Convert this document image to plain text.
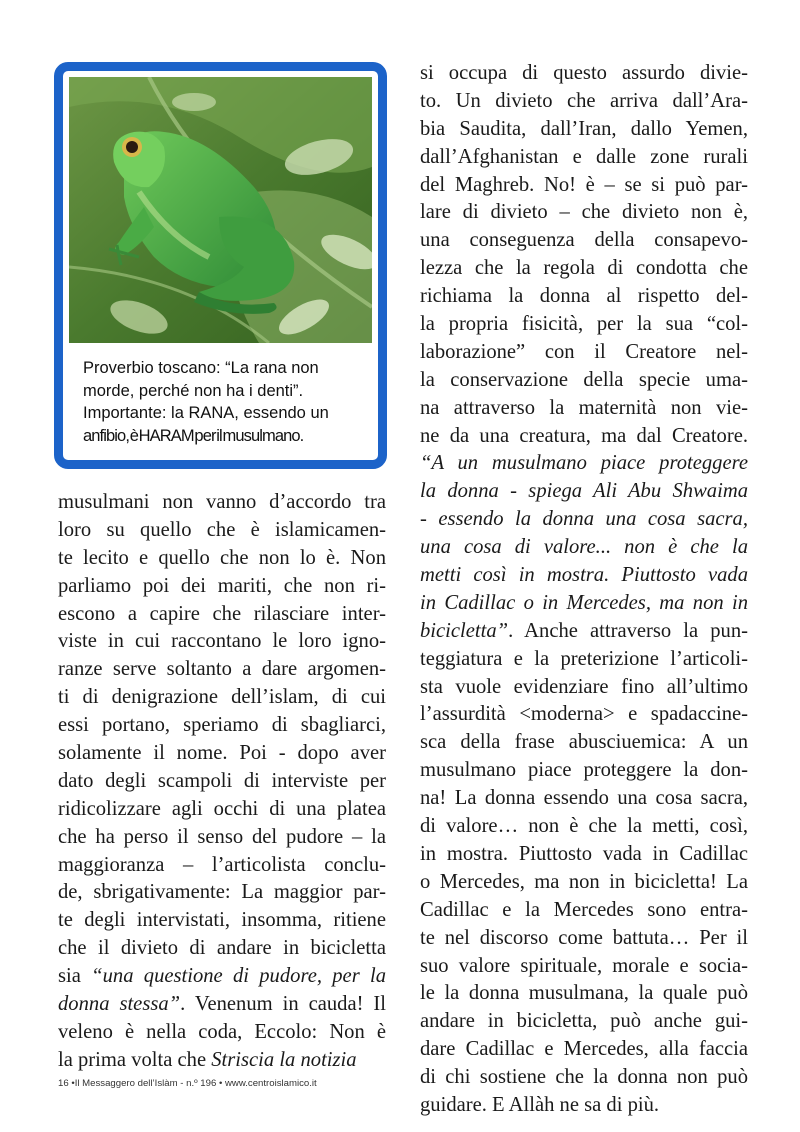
Proverbio toscano: “La rana non

morde, perché non ha i denti”.

Importante: la RANA, essendo un

anfibio, è HARAM per il musulmano.

musulmani non vanno d’accordo tra
loro su quello che è islamicamen-
te lecito e quello che non lo è. Non
parliamo poi dei mariti, che non ri-
escono a capire che rilasciare inter-
viste in cui raccontano le loro igno-
ranze serve soltanto a dare argomen-
ti di denigrazione dell’islam, di cui
essi portano, speriamo di sbagliarci,
solamente il nome. Poi - dopo aver
dato degli scampoli di interviste per
ridicolizzare agli occhi di una platea
che ha perso il senso del pudore – la
maggioranza – l’articolista conclu-
de, sbrigativamente: La maggior par-
te degli intervistati, insomma, ritiene
che il divieto di andare in bicicletta
sia “una questione di pudore, per la
donna stessa”. Venenum in cauda! Il
veleno è nella coda, Eccolo: Non è
la prima volta che Striscia la notizia
si occupa di questo assurdo divie-
to. Un divieto che arriva dall’Ara-
bia Saudita, dall’Iran, dallo Yemen,
dall’Afghanistan e dalle zone rurali
del Maghreb. No! è – se si può par-
lare di divieto – che divieto non è,
una conseguenza della consapevo-
lezza che la regola di condotta che
richiama la donna al rispetto del-
la propria fisicità, per la sua “col-
laborazione” con il Creatore nel-
la conservazione della specie uma-
na attraverso la maternità non vie-
ne da una creatura, ma dal Creatore.
“A un musulmano piace proteggere
la donna - spiega Ali Abu Shwaima
- essendo la donna una cosa sacra,
una cosa di valore... non è che la
metti così in mostra. Piuttosto vada
in Cadillac o in Mercedes, ma non in
bicicletta”. Anche attraverso la pun-
teggiatura e la preterizione l’articoli-
sta vuole evidenziare fino all’ultimo
l’assurdità <moderna> e spadaccine-
sca della frase abusciuemica: A un
musulmano piace proteggere la don-
na! La donna essendo una cosa sacra,
di valore… non è che la metti, così,
in mostra. Piuttosto vada in Cadillac
o Mercedes, ma non in bicicletta! La
Cadillac e la Mercedes sono entra-
te nel discorso come battuta… Per il
suo valore spirituale, morale e socia-
le la donna musulmana, la quale può
andare in bicicletta, può anche gui-
dare Cadillac e Mercedes, alla faccia
di chi sostiene che la donna non può
guidare. E Allàh ne sa di più.
16 •Il Messaggero dell’Islàm - n.º 196 • www.centroislamico.it
